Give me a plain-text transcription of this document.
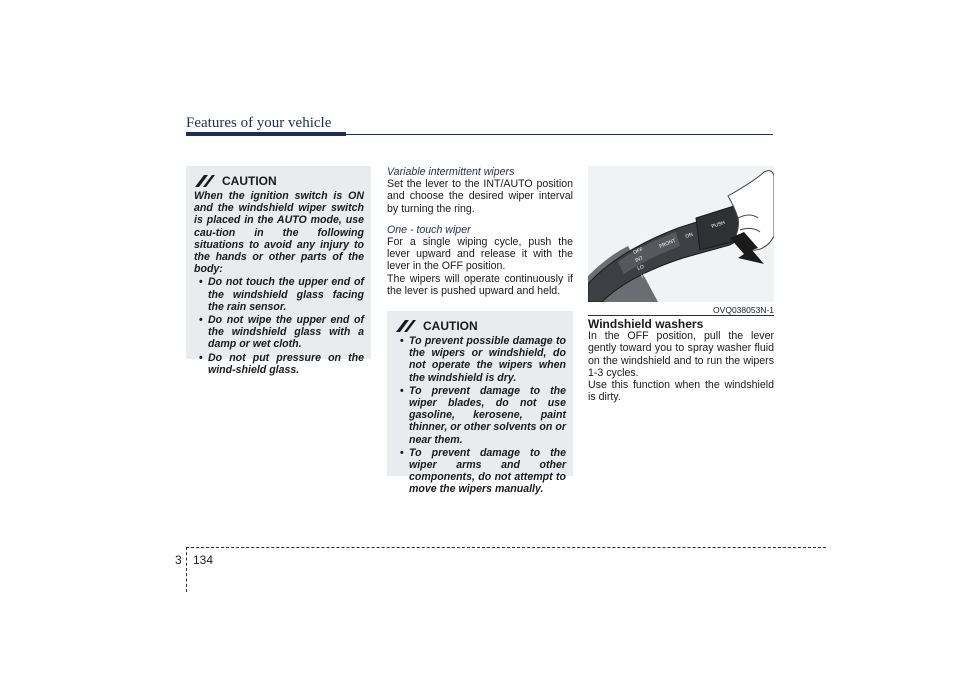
Features of your vehicle
CAUTION
When the ignition switch is ON and the windshield wiper switch is placed in the AUTO mode, use cau-tion in the following situations to avoid any injury to the hands or other parts of the body:
• Do not touch the upper end of the windshield glass facing the rain sensor.
• Do not wipe the upper end of the windshield glass with a damp or wet cloth.
• Do not put pressure on the wind-shield glass.

Variable intermittent wipers

Set the lever to the INT/AUTO position and choose the desired wiper interval by turning the ring.

One - touch wiper

For a single wiping cycle, push the lever upward and release it with the lever in the OFF position.

The wipers will operate continuously if the lever is pushed upward and held.

CAUTION
• To prevent possible damage to the wipers or windshield, do not operate the wipers when the windshield is dry.
• To prevent damage to the wiper blades, do not use gasoline, kerosene, paint thinner, or other solvents on or near them.
• To prevent damage to the wiper arms and other components, do not attempt to move the wipers manually.
MIST
OFF
INT
LO
HI
FRONT
ON
PUSH
OVQ038053N-1

Windshield washers

In the OFF position, pull the lever gently toward you to spray washer fluid on the windshield and to run the wipers 1-3 cycles.

Use this function when the windshield is dirty.

3 134
